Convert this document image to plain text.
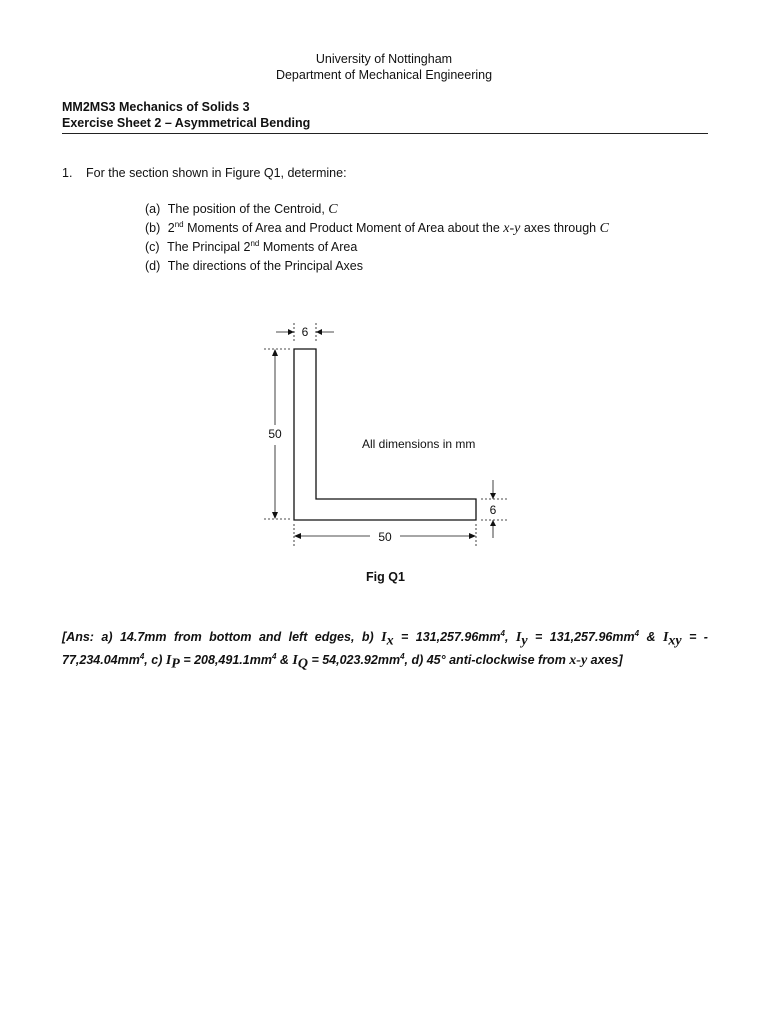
University of Nottingham
Department of Mechanical Engineering
MM2MS3 Mechanics of Solids 3
Exercise Sheet 2 – Asymmetrical Bending
1. For the section shown in Figure Q1, determine:
(a) The position of the Centroid, C
(b) 2nd Moments of Area and Product Moment of Area about the x-y axes through C
(c) The Principal 2nd Moments of Area
(d) The directions of the Principal Axes
6
50
50
6
All dimensions in mm
Fig Q1
[Ans: a) 14.7mm from bottom and left edges, b) $I_x = 131,257.96mm^4$, $I_y = 131,257.96mm^4$ & $I_{xy}$ = -
$77,234.04mm^4$, c) $I_P = 208,491.1mm^4$ & $I_Q = 54,023.92mm^4$, d) 45° anti-clockwise from x-y axes]
